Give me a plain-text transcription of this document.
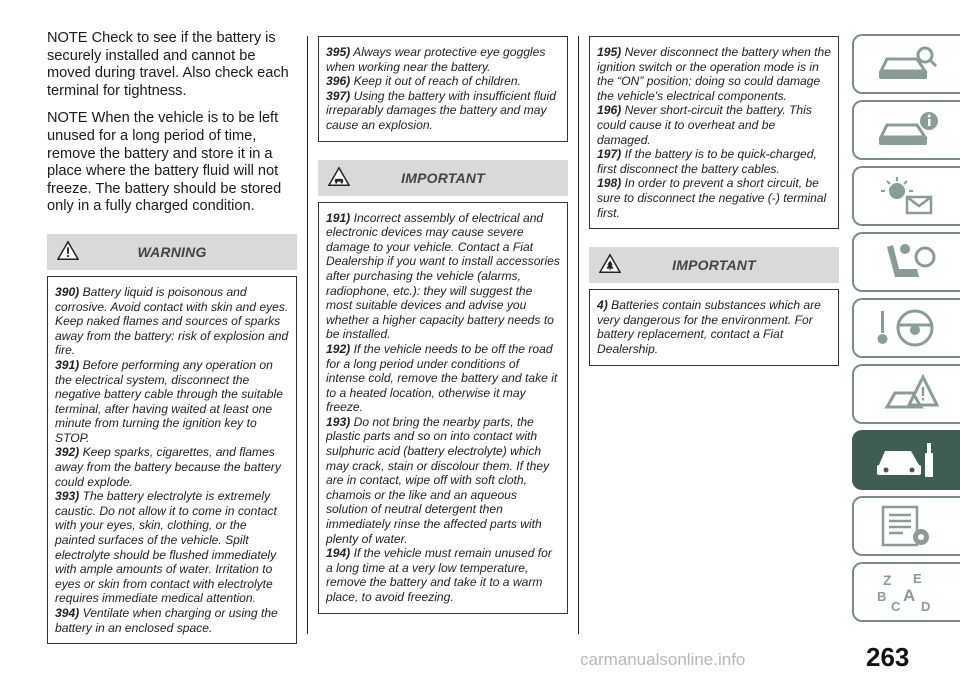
NOTE Check to see if the battery is securely installed and cannot be moved during travel. Also check each terminal for tightness.

NOTE When the vehicle is to be left unused for a long period of time, remove the battery and store it in a place where the battery fluid will not freeze. The battery should be stored only in a fully charged condition.

WARNING
390) Battery liquid is poisonous and corrosive. Avoid contact with skin and eyes. Keep naked flames and sources of sparks away from the battery: risk of explosion and fire.
391) Before performing any operation on the electrical system, disconnect the negative battery cable through the suitable terminal, after having waited at least one minute from turning the ignition key to STOP.
392) Keep sparks, cigarettes, and flames away from the battery because the battery could explode.
393) The battery electrolyte is extremely caustic. Do not allow it to come in contact with your eyes, skin, clothing, or the painted surfaces of the vehicle. Spilt electrolyte should be flushed immediately with ample amounts of water. Irritation to eyes or skin from contact with electrolyte requires immediate medical attention.
394) Ventilate when charging or using the battery in an enclosed space.
395) Always wear protective eye goggles when working near the battery.
396) Keep it out of reach of children.
397) Using the battery with insufficient fluid irreparably damages the battery and may cause an explosion.
IMPORTANT
191) Incorrect assembly of electrical and electronic devices may cause severe damage to your vehicle. Contact a Fiat Dealership if you want to install accessories after purchasing the vehicle (alarms, radiophone, etc.): they will suggest the most suitable devices and advise you whether a higher capacity battery needs to be installed.
192) If the vehicle needs to be off the road for a long period under conditions of intense cold, remove the battery and take it to a heated location, otherwise it may freeze.
193) Do not bring the nearby parts, the plastic parts and so on into contact with sulphuric acid (battery electrolyte) which may crack, stain or discolour them. If they are in contact, wipe off with soft cloth, chamois or the like and an aqueous solution of neutral detergent then immediately rinse the affected parts with plenty of water.
194) If the vehicle must remain unused for a long time at a very low temperature, remove the battery and take it to a warm place, to avoid freezing.
195) Never disconnect the battery when the ignition switch or the operation mode is in the “ON” position; doing so could damage the vehicle's electrical components.
196) Never short-circuit the battery. This could cause it to overheat and be damaged.
197) If the battery is to be quick-charged, first disconnect the battery cables.
198) In order to prevent a short circuit, be sure to disconnect the negative (-) terminal first.
IMPORTANT
4) Batteries contain substances which are very dangerous for the environment. For battery replacement, contact a Fiat Dealership.
Z E
B A
C D
263
carmanualsonline.info
